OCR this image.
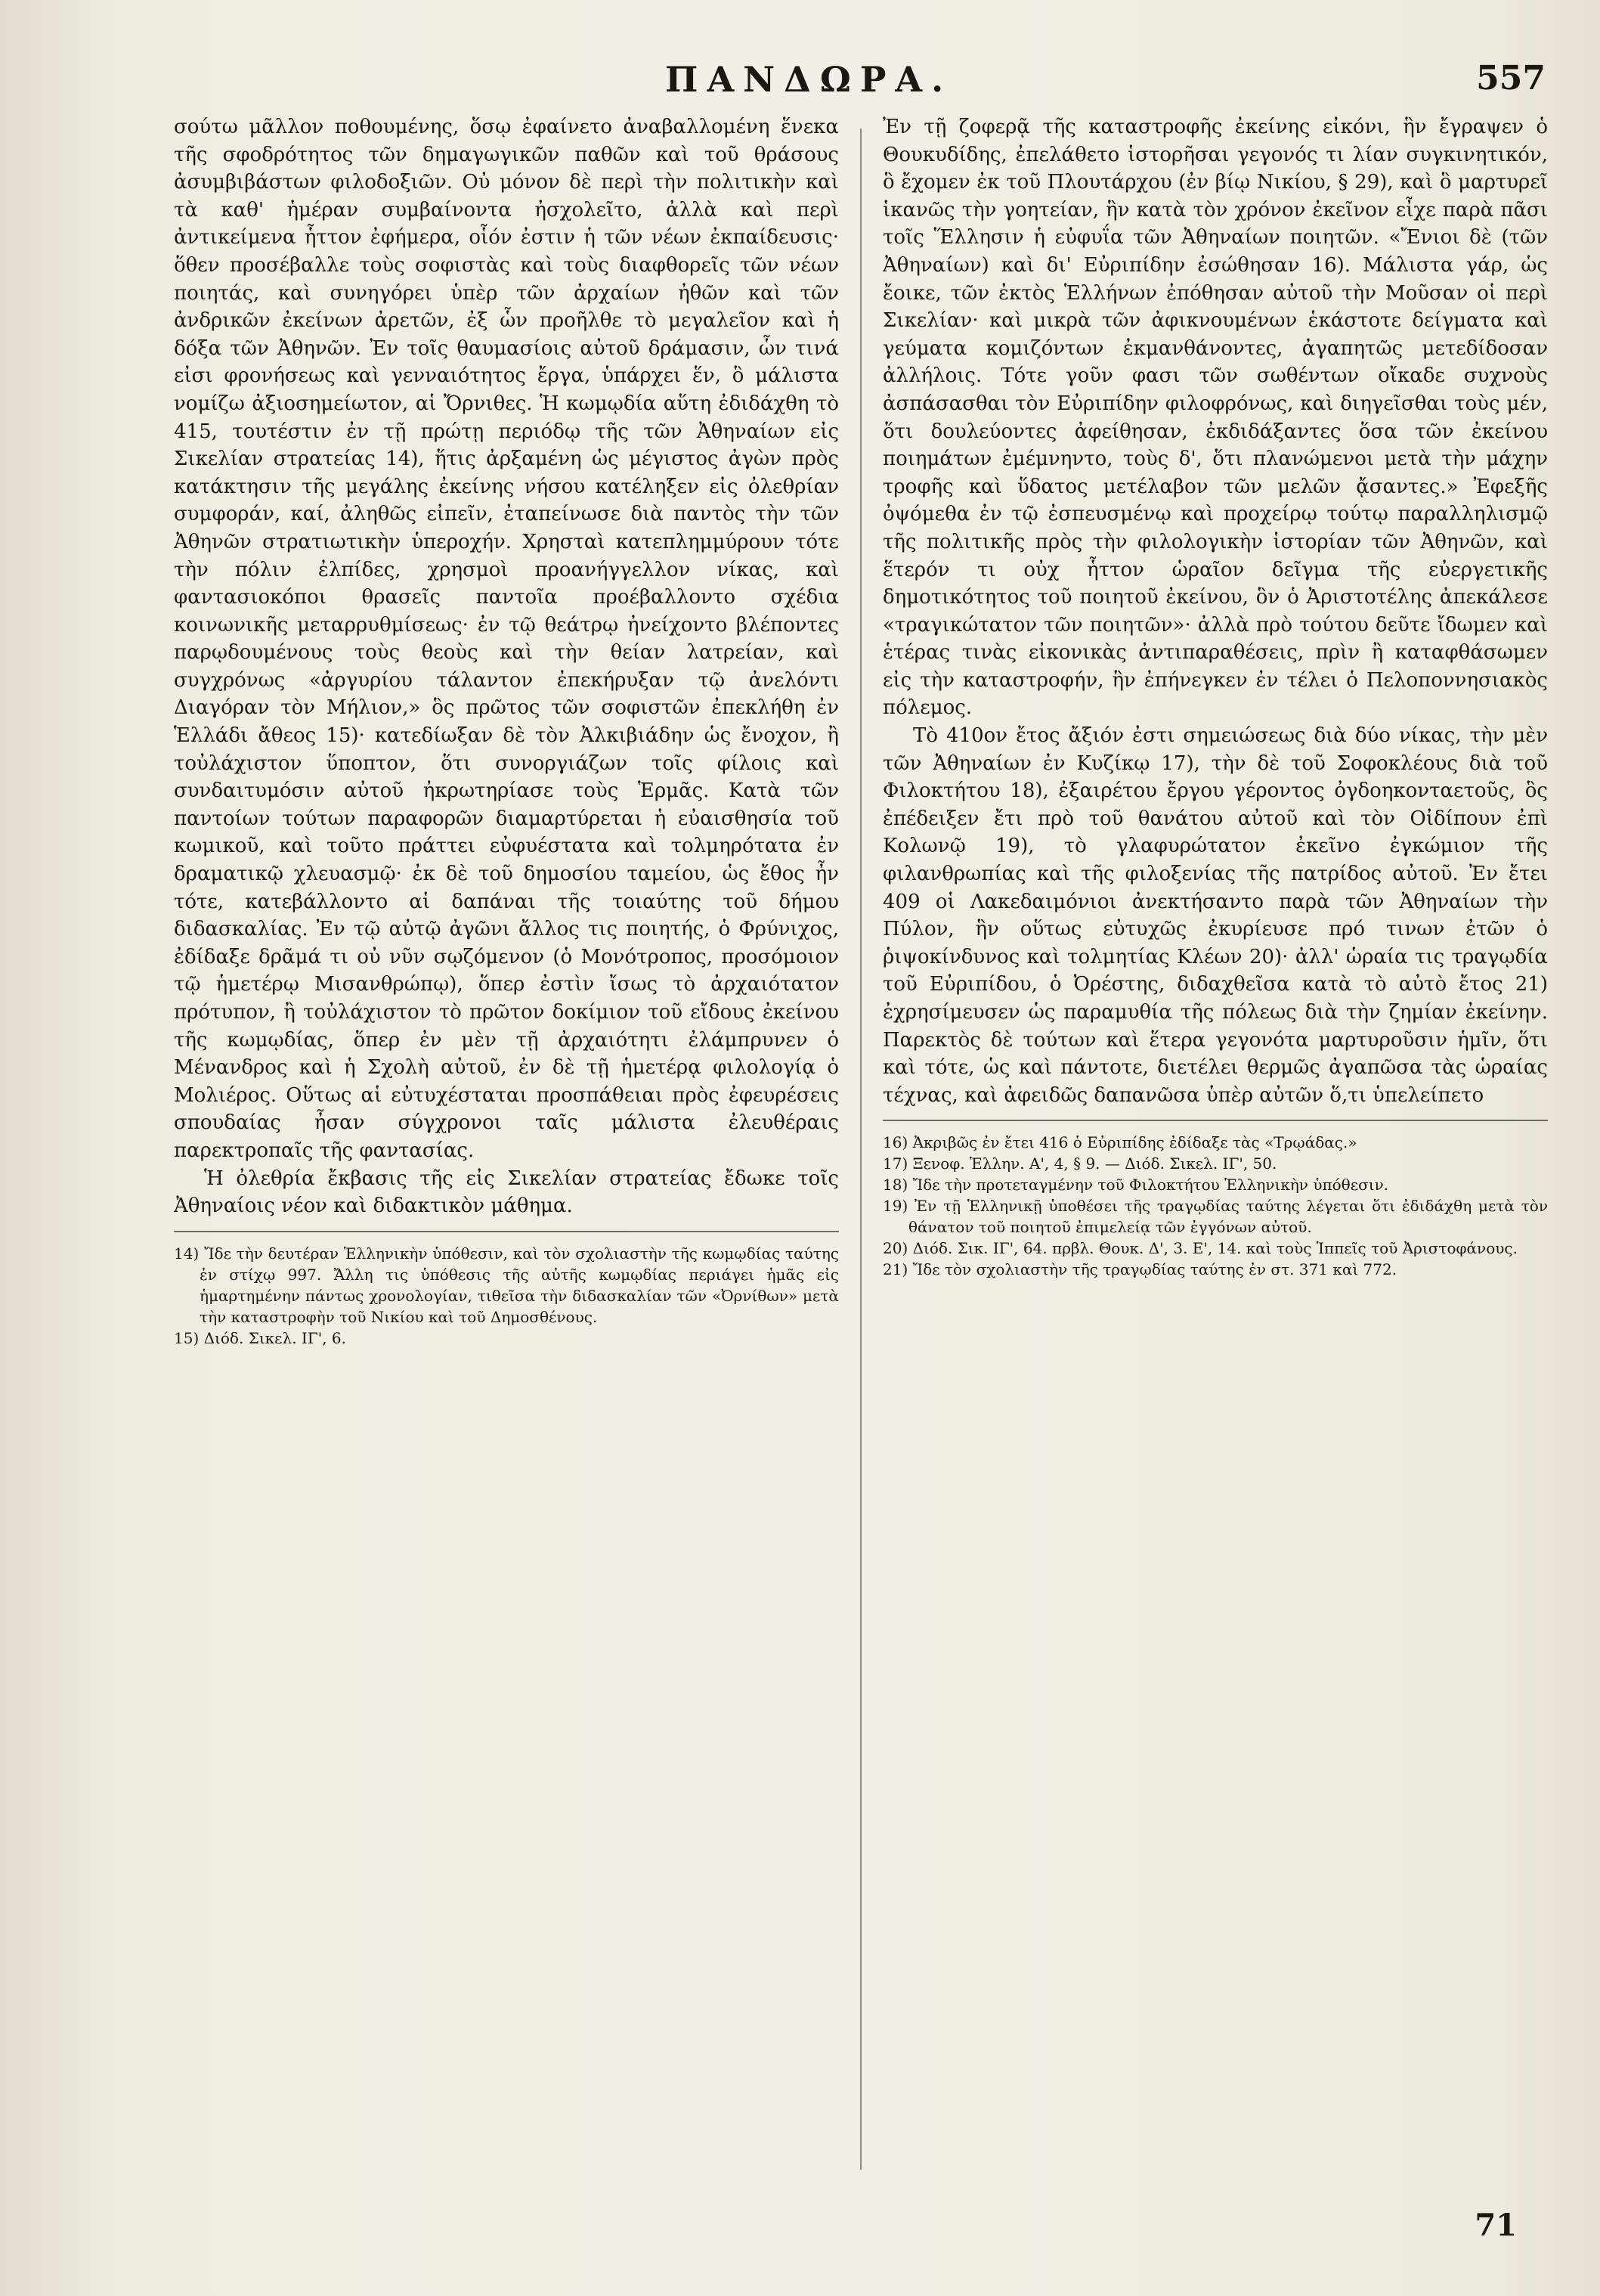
ΠΑΝΔΩΡΑ.	557

σούτω μᾶλλον ποθουμένης, ὅσῳ ἐφαίνετο ἀναβαλλομένη ἕνεκα τῆς σφοδρότητος τῶν δημαγωγικῶν παθῶν καὶ τοῦ θράσους ἀσυμβιβάστων φιλοδοξιῶν. Οὐ μόνον δὲ περὶ τὴν πολιτικὴν καὶ τὰ καθ' ἡμέραν συμβαίνοντα ἠσχολεῖτο, ἀλλὰ καὶ περὶ ἀντικείμενα ἧττον ἐφήμερα, οἷόν ἐστιν ἡ τῶν νέων ἐκπαίδευσις· ὅθεν προσέβαλλε τοὺς σοφιστὰς καὶ τοὺς διαφθορεῖς τῶν νέων ποιητάς, καὶ συνηγόρει ὑπὲρ τῶν ἀρχαίων ἠθῶν καὶ τῶν ἀνδρικῶν ἐκείνων ἀρετῶν, ἐξ ὧν προῆλθε τὸ μεγαλεῖον καὶ ἡ δόξα τῶν Ἀθηνῶν. Ἐν τοῖς θαυμασίοις αὐτοῦ δράμασιν, ὧν τινά εἰσι φρονήσεως καὶ γενναιότητος ἔργα, ὑπάρχει ἕν, ὃ μάλιστα νομίζω ἀξιοσημείωτον, αἱ Ὄρνιθες. Ἡ κωμῳδία αὕτη ἐδιδάχθη τὸ 415, τουτέστιν ἐν τῇ πρώτῃ περιόδῳ τῆς τῶν Ἀθηναίων εἰς Σικελίαν στρατείας 14), ἥτις ἀρξαμένη ὡς μέγιστος ἀγὼν πρὸς κατάκτησιν τῆς μεγάλης ἐκείνης νήσου κατέληξεν εἰς ὀλεθρίαν συμφοράν, καί, ἀληθῶς εἰπεῖν, ἐταπείνωσε διὰ παντὸς τὴν τῶν Ἀθηνῶν στρατιωτικὴν ὑπεροχήν. Χρησταὶ κατεπλημμύρουν τότε τὴν πόλιν ἐλπίδες, χρησμοὶ προανήγγελλον νίκας, καὶ φαντασιοκόποι θρασεῖς παντοῖα προέβαλλοντο σχέδια κοινωνικῆς μεταρρυθμίσεως· ἐν τῷ θεάτρῳ ἠνείχοντο βλέποντες παρῳδουμένους τοὺς θεοὺς καὶ τὴν θείαν λατρείαν, καὶ συγχρόνως «ἀργυρίου τάλαντον ἐπεκήρυξαν τῷ ἀνελόντι Διαγόραν τὸν Μήλιον,» ὃς πρῶτος τῶν σοφιστῶν ἐπεκλήθη ἐν Ἑλλάδι ἄθεος 15)· κατεδίωξαν δὲ τὸν Ἀλκιβιάδην ὡς ἔνοχον, ἢ τοὐλάχιστον ὕποπτον, ὅτι συνοργιάζων τοῖς φίλοις καὶ συνδαιτυμόσιν αὐτοῦ ἠκρωτηρίασε τοὺς Ἑρμᾶς. Κατὰ τῶν παντοίων τούτων παραφορῶν διαμαρτύρεται ἡ εὐαισθησία τοῦ κωμικοῦ, καὶ τοῦτο πράττει εὐφυέστατα καὶ τολμηρότατα ἐν δραματικῷ χλευασμῷ· ἐκ δὲ τοῦ δημοσίου ταμείου, ὡς ἔθος ἦν τότε, κατεβάλλοντο αἱ δαπάναι τῆς τοιαύτης τοῦ δήμου διδασκαλίας. Ἐν τῷ αὐτῷ ἀγῶνι ἄλλος τις ποιητής, ὁ Φρύνιχος, ἐδίδαξε δρᾶμά τι οὐ νῦν σῳζόμενον (ὁ Μονότροπος, προσόμοιον τῷ ἡμετέρῳ Μισανθρώπῳ), ὅπερ ἐστὶν ἴσως τὸ ἀρχαιότατον πρότυπον, ἢ τοὐλάχιστον τὸ πρῶτον δοκίμιον τοῦ εἴδους ἐκείνου τῆς κωμῳδίας, ὅπερ ἐν μὲν τῇ ἀρχαιότητι ἐλάμπρυνεν ὁ Μένανδρος καὶ ἡ Σχολὴ αὐτοῦ, ἐν δὲ τῇ ἡμετέρᾳ φιλολογίᾳ ὁ Μολιέρος. Οὕτως αἱ εὐτυχέσταται προσπάθειαι πρὸς ἐφευρέσεις σπουδαίας ἦσαν σύγχρονοι ταῖς μάλιστα ἐλευθέραις παρεκτροπαῖς τῆς φαντασίας.

Ἡ ὀλεθρία ἔκβασις τῆς εἰς Σικελίαν στρατείας ἔδωκε τοῖς Ἀθηναίοις νέον καὶ διδακτικὸν μάθημα.

14) Ἴδε τὴν δευτέραν Ἑλληνικὴν ὑπόθεσιν, καὶ τὸν σχολιαστὴν τῆς κωμῳδίας ταύτης ἐν στίχῳ 997. Ἄλλη τις ὑπόθεσις τῆς αὐτῆς κωμῳδίας περιάγει ἡμᾶς εἰς ἡμαρτημένην πάντως χρονολογίαν, τιθεῖσα τὴν διδασκαλίαν τῶν «Ὀρνίθων» μετὰ τὴν καταστροφὴν τοῦ Νικίου καὶ τοῦ Δημοσθένους.

15) Διόδ. Σικελ. ΙΓ', 6.

Ἐν τῇ ζοφερᾷ τῆς καταστροφῆς ἐκείνης εἰκόνι, ἣν ἔγραψεν ὁ Θουκυδίδης, ἐπελάθετο ἱστορῆσαι γεγονός τι λίαν συγκινητικόν, ὃ ἔχομεν ἐκ τοῦ Πλουτάρχου (ἐν βίῳ Νικίου, § 29), καὶ ὃ μαρτυρεῖ ἱκανῶς τὴν γοητείαν, ἣν κατὰ τὸν χρόνον ἐκεῖνον εἶχε παρὰ πᾶσι τοῖς Ἕλλησιν ἡ εὐφυΐα τῶν Ἀθηναίων ποιητῶν. «Ἔνιοι δὲ (τῶν Ἀθηναίων) καὶ δι' Εὐριπίδην ἐσώθησαν 16). Μάλιστα γάρ, ὡς ἔοικε, τῶν ἐκτὸς Ἑλλήνων ἐπόθησαν αὐτοῦ τὴν Μοῦσαν οἱ περὶ Σικελίαν· καὶ μικρὰ τῶν ἀφικνουμένων ἑκάστοτε δείγματα καὶ γεύματα κομιζόντων ἐκμανθάνοντες, ἀγαπητῶς μετεδίδοσαν ἀλλήλοις. Τότε γοῦν φασι τῶν σωθέντων οἴκαδε συχνοὺς ἀσπάσασθαι τὸν Εὐριπίδην φιλοφρόνως, καὶ διηγεῖσθαι τοὺς μέν, ὅτι δουλεύοντες ἀφείθησαν, ἐκδιδάξαντες ὅσα τῶν ἐκείνου ποιημάτων ἐμέμνηντο, τοὺς δ', ὅτι πλανώμενοι μετὰ τὴν μάχην τροφῆς καὶ ὕδατος μετέλαβον τῶν μελῶν ᾄσαντες.» Ἐφεξῆς ὀψόμεθα ἐν τῷ ἐσπευσμένῳ καὶ προχείρῳ τούτῳ παραλληλισμῷ τῆς πολιτικῆς πρὸς τὴν φιλολογικὴν ἱστορίαν τῶν Ἀθηνῶν, καὶ ἕτερόν τι οὐχ ἧττον ὡραῖον δεῖγμα τῆς εὐεργετικῆς δημοτικότητος τοῦ ποιητοῦ ἐκείνου, ὃν ὁ Ἀριστοτέλης ἀπεκάλεσε «τραγικώτατον τῶν ποιητῶν»· ἀλλὰ πρὸ τούτου δεῦτε ἴδωμεν καὶ ἑτέρας τινὰς εἰκονικὰς ἀντιπαραθέσεις, πρὶν ἢ καταφθάσωμεν εἰς τὴν καταστροφήν, ἣν ἐπήνεγκεν ἐν τέλει ὁ Πελοποννησιακὸς πόλεμος.

Τὸ 410ον ἔτος ἄξιόν ἐστι σημειώσεως διὰ δύο νίκας, τὴν μὲν τῶν Ἀθηναίων ἐν Κυζίκῳ 17), τὴν δὲ τοῦ Σοφοκλέους διὰ τοῦ Φιλοκτήτου 18), ἐξαιρέτου ἔργου γέροντος ὀγδοηκονταετοῦς, ὃς ἐπέδειξεν ἔτι πρὸ τοῦ θανάτου αὐτοῦ καὶ τὸν Οἰδίπουν ἐπὶ Κολωνῷ 19), τὸ γλαφυρώτατον ἐκεῖνο ἐγκώμιον τῆς φιλανθρωπίας καὶ τῆς φιλοξενίας τῆς πατρίδος αὐτοῦ. Ἐν ἔτει 409 οἱ Λακεδαιμόνιοι ἀνεκτήσαντο παρὰ τῶν Ἀθηναίων τὴν Πύλον, ἣν οὕτως εὐτυχῶς ἐκυρίευσε πρό τινων ἐτῶν ὁ ῥιψοκίνδυνος καὶ τολμητίας Κλέων 20)· ἀλλ' ὡραία τις τραγῳδία τοῦ Εὐριπίδου, ὁ Ὀρέστης, διδαχθεῖσα κατὰ τὸ αὐτὸ ἔτος 21) ἐχρησίμευσεν ὡς παραμυθία τῆς πόλεως διὰ τὴν ζημίαν ἐκείνην. Παρεκτὸς δὲ τούτων καὶ ἕτερα γεγονότα μαρτυροῦσιν ἡμῖν, ὅτι καὶ τότε, ὡς καὶ πάντοτε, διετέλει θερμῶς ἀγαπῶσα τὰς ὡραίας τέχνας, καὶ ἀφειδῶς δαπανῶσα ὑπὲρ αὐτῶν ὅ,τι ὑπελείπετο

16) Ἀκριβῶς ἐν ἔτει 416 ὁ Εὐριπίδης ἐδίδαξε τὰς «Τρῳάδας.»

17) Ξενοφ. Ἑλλην. Α', 4, § 9. — Διόδ. Σικελ. ΙΓ', 50.

18) Ἴδε τὴν προτεταγμένην τοῦ Φιλοκτήτου Ἑλληνικὴν ὑπόθεσιν.

19) Ἐν τῇ Ἑλληνικῇ ὑποθέσει τῆς τραγῳδίας ταύτης λέγεται ὅτι ἐδιδάχθη μετὰ τὸν θάνατον τοῦ ποιητοῦ ἐπιμελείᾳ τῶν ἐγγόνων αὐτοῦ.

20) Διόδ. Σικ. ΙΓ', 64. πρβλ. Θουκ. Δ', 3. Ε', 14. καὶ τοὺς Ἱππεῖς τοῦ Ἀριστοφάνους.

21) Ἴδε τὸν σχολιαστὴν τῆς τραγῳδίας ταύτης ἐν στ. 371 καὶ 772.

71
